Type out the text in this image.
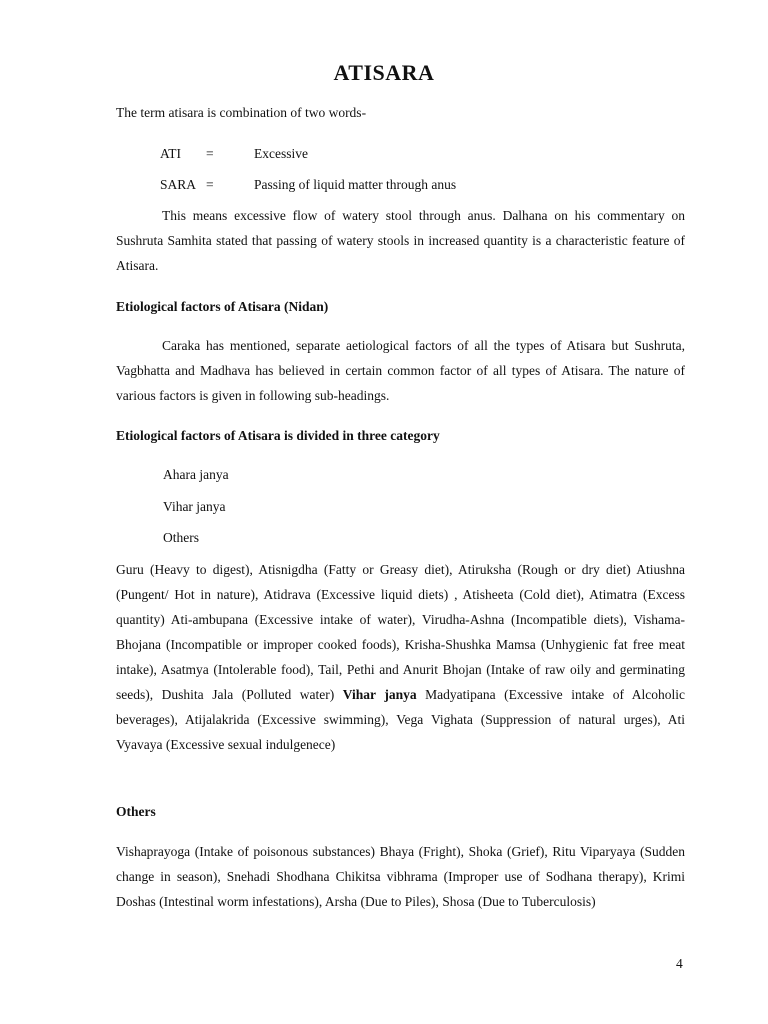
ATISARA
The term atisara is combination of two words-
ATI =	Excessive
SARA =	Passing of liquid matter through anus

This means excessive flow of watery stool through anus. Dalhana on his commentary on Sushruta Samhita stated that passing of watery stools in increased quantity is a characteristic feature of Atisara.

Etiological factors of Atisara (Nidan)

Caraka has mentioned, separate aetiological factors of all the types of Atisara but Sushruta, Vagbhatta and Madhava has believed in certain common factor of all types of Atisara. The nature of various factors is given in following sub-headings.

Etiological factors of Atisara is divided in three category
Ahara janya
Vihar janya
Others

Guru (Heavy to digest), Atisnigdha (Fatty or Greasy diet), Atiruksha (Rough or dry diet) Atiushna (Pungent/ Hot in nature), Atidrava (Excessive liquid diets) , Atisheeta (Cold diet), Atimatra (Excess quantity) Ati-ambupana (Excessive intake of water), Virudha-Ashna (Incompatible diets), Vishama-Bhojana (Incompatible or improper cooked foods), Krisha-Shushka Mamsa (Unhygienic fat free meat intake), Asatmya (Intolerable food), Tail, Pethi and Anurit Bhojan (Intake of raw oily and germinating seeds), Dushita Jala (Polluted water) Vihar janya Madyatipana (Excessive intake of Alcoholic beverages), Atijalakrida (Excessive swimming), Vega Vighata (Suppression of natural urges), Ati Vyavaya (Excessive sexual indulgenece)

Others

Vishaprayoga (Intake of poisonous substances) Bhaya (Fright), Shoka (Grief), Ritu Viparyaya (Sudden change in season), Snehadi Shodhana Chikitsa vibhrama (Improper use of Sodhana therapy), Krimi Doshas (Intestinal worm infestations), Arsha (Due to Piles), Shosa (Due to Tuberculosis)

4
